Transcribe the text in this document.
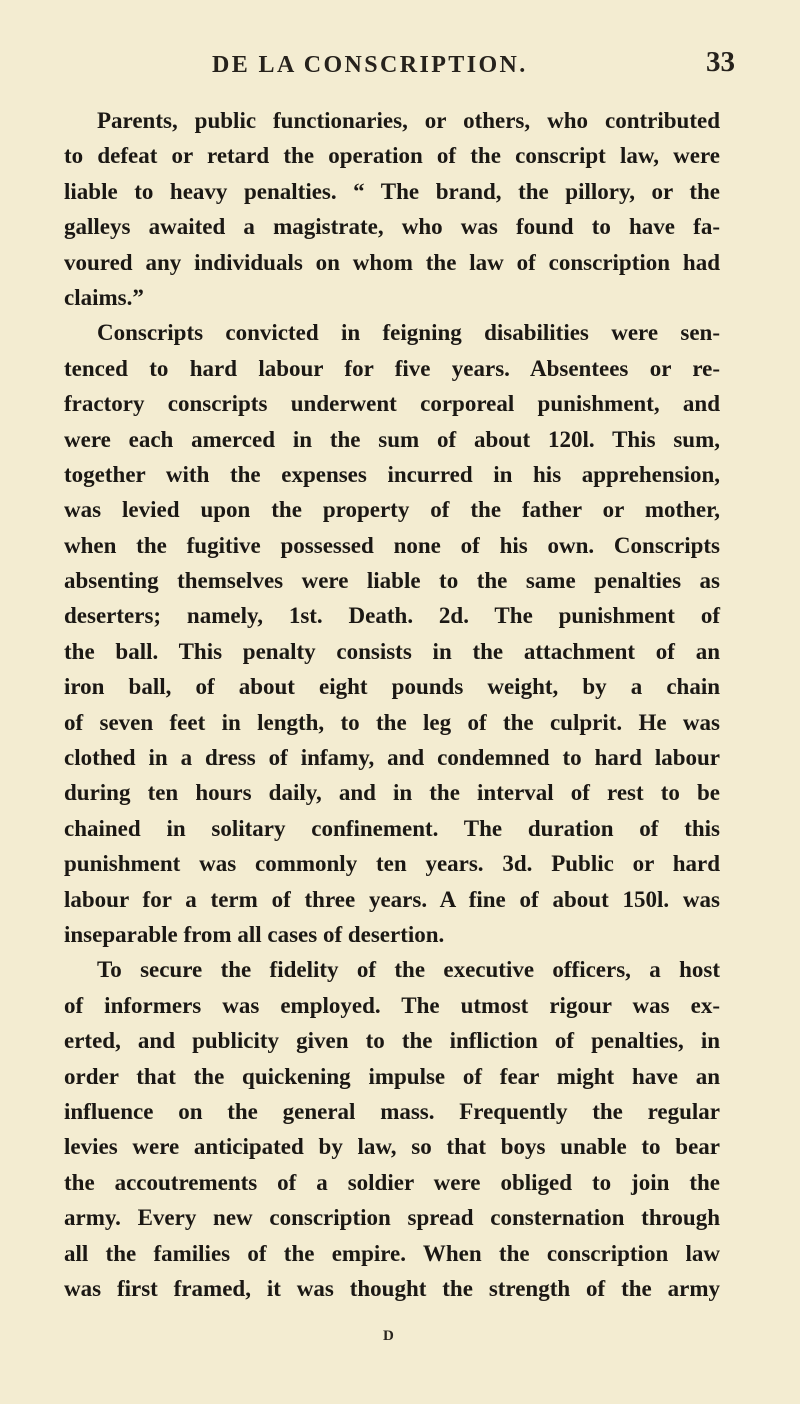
DE LA CONSCRIPTION.	33
Parents, public functionaries, or others, who contributed
to defeat or retard the operation of the conscript law, were
liable to heavy penalties. “ The brand, the pillory, or the
galleys awaited a magistrate, who was found to have fa-
voured any individuals on whom the law of conscription had
claims.”
Conscripts convicted in feigning disabilities were sen-
tenced to hard labour for five years. Absentees or re-
fractory conscripts underwent corporeal punishment, and
were each amerced in the sum of about 120l. This sum,
together with the expenses incurred in his apprehension,
was levied upon the property of the father or mother,
when the fugitive possessed none of his own. Conscripts
absenting themselves were liable to the same penalties as
deserters; namely, 1st. Death. 2d. The punishment of
the ball. This penalty consists in the attachment of an
iron ball, of about eight pounds weight, by a chain
of seven feet in length, to the leg of the culprit. He was
clothed in a dress of infamy, and condemned to hard labour
during ten hours daily, and in the interval of rest to be
chained in solitary confinement. The duration of this
punishment was commonly ten years. 3d. Public or hard
labour for a term of three years. A fine of about 150l. was
inseparable from all cases of desertion.
To secure the fidelity of the executive officers, a host
of informers was employed. The utmost rigour was ex-
erted, and publicity given to the infliction of penalties, in
order that the quickening impulse of fear might have an
influence on the general mass. Frequently the regular
levies were anticipated by law, so that boys unable to bear
the accoutrements of a soldier were obliged to join the
army. Every new conscription spread consternation through
all the families of the empire. When the conscription law
was first framed, it was thought the strength of the army
D
